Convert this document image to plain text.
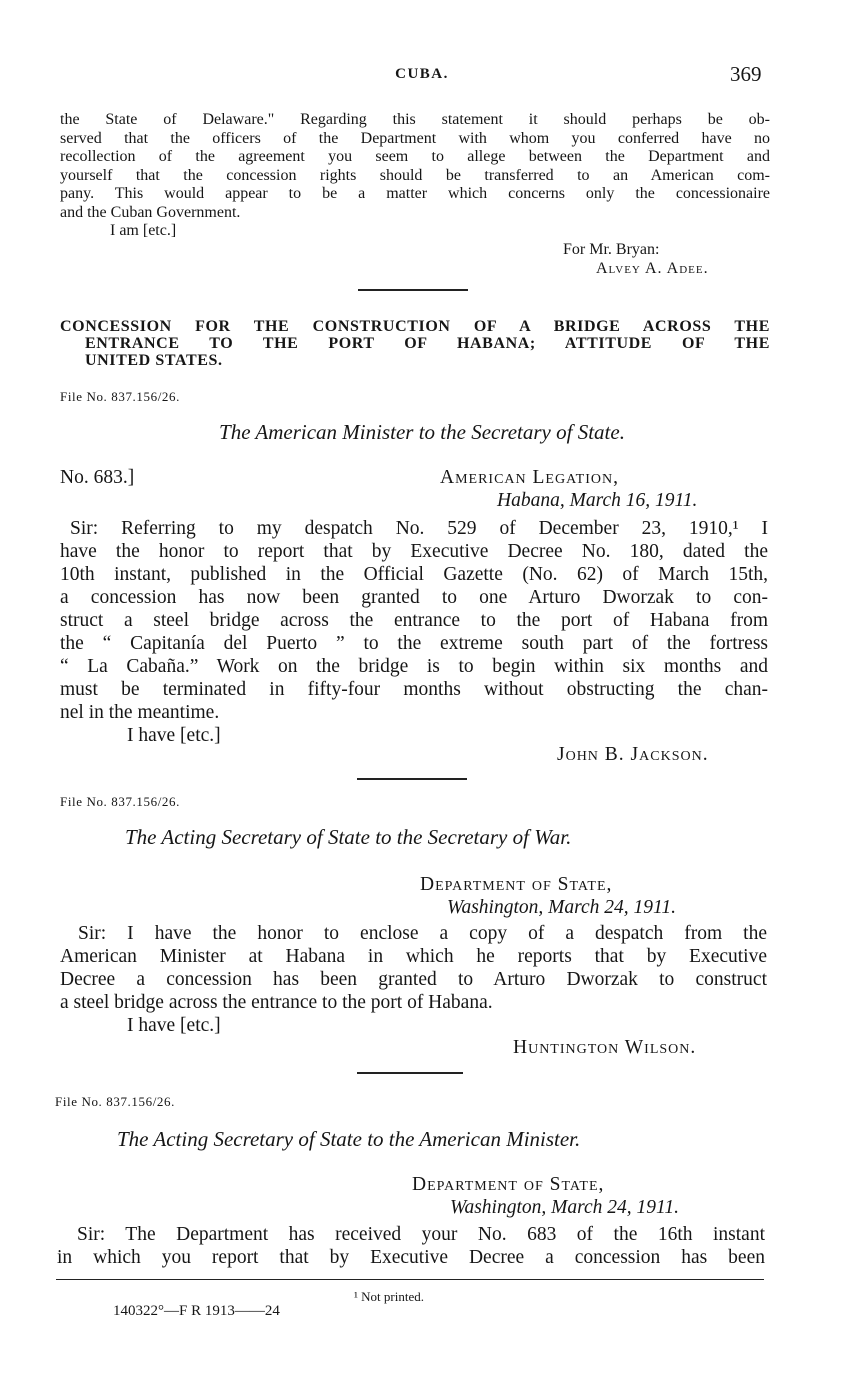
CUBA.	369
the State of Delaware." Regarding this statement it should perhaps be ob-
served that the officers of the Department with whom you conferred have no
recollection of the agreement you seem to allege between the Department and
yourself that the concession rights should be transferred to an American com-
pany. This would appear to be a matter which concerns only the concessionaire
and the Cuban Government.
I am [etc.]
For Mr. Bryan:
Alvey A. Adee.
CONCESSION FOR THE CONSTRUCTION OF A BRIDGE ACROSS THE
ENTRANCE TO THE PORT OF HABANA; ATTITUDE OF THE
UNITED STATES.
File No. 837.156/26.
The American Minister to the Secretary of State.
No. 683.]	American Legation,
Habana, March 16, 1911.
Sir: Referring to my despatch No. 529 of December 23, 1910,¹ I
have the honor to report that by Executive Decree No. 180, dated the
10th instant, published in the Official Gazette (No. 62) of March 15th,
a concession has now been granted to one Arturo Dworzak to con-
struct a steel bridge across the entrance to the port of Habana from
the “ Capitanía del Puerto ” to the extreme south part of the fortress
“ La Cabaña.” Work on the bridge is to begin within six months and
must be terminated in fifty-four months without obstructing the chan-
nel in the meantime.
I have [etc.]
John B. Jackson.
File No. 837.156/26.
The Acting Secretary of State to the Secretary of War.
Department of State,
Washington, March 24, 1911.
Sir: I have the honor to enclose a copy of a despatch from the
American Minister at Habana in which he reports that by Executive
Decree a concession has been granted to Arturo Dworzak to construct
a steel bridge across the entrance to the port of Habana.
I have [etc.]
Huntington Wilson.
File No. 837.156/26.
The Acting Secretary of State to the American Minister.
Department of State,
Washington, March 24, 1911.
Sir: The Department has received your No. 683 of the 16th instant
in which you report that by Executive Decree a concession has been
¹ Not printed.
140322°—F R 1913——24
